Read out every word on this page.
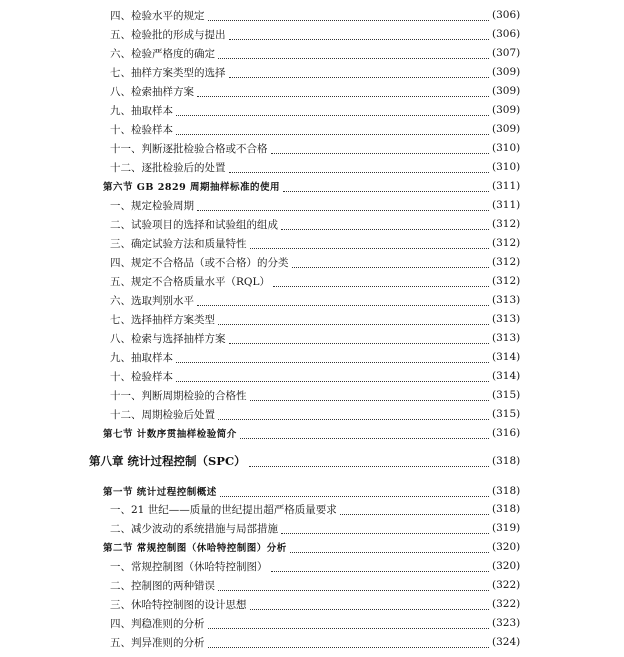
四、检验水平的规定	(306)
五、检验批的形成与提出	(306)
六、检验严格度的确定	(307)
七、抽样方案类型的选择	(309)
八、检索抽样方案	(309)
九、抽取样本	(309)
十、检验样本	(309)
十一、判断逐批检验合格或不合格	(310)
十二、逐批检验后的处置	(310)
第六节 GB 2829 周期抽样标准的使用	(311)
一、规定检验周期	(311)
二、试验项目的选择和试验组的组成	(312)
三、确定试验方法和质量特性	(312)
四、规定不合格品（或不合格）的分类	(312)
五、规定不合格质量水平（RQL）	(312)
六、选取判别水平	(313)
七、选择抽样方案类型	(313)
八、检索与选择抽样方案	(313)
九、抽取样本	(314)
十、检验样本	(314)
十一、判断周期检验的合格性	(315)
十二、周期检验后处置	(315)
第七节 计数序贯抽样检验简介	(316)
第八章 统计过程控制（SPC）	(318)
第一节 统计过程控制概述	(318)
一、21 世纪——质量的世纪提出超严格质量要求	(318)
二、减少波动的系统措施与局部措施	(319)
第二节 常规控制图（休哈特控制图）分析	(320)
一、常规控制图（休哈特控制图）	(320)
二、控制图的两种错误	(322)
三、休哈特控制图的设计思想	(322)
四、判稳准则的分析	(323)
五、判异准则的分析	(324)
